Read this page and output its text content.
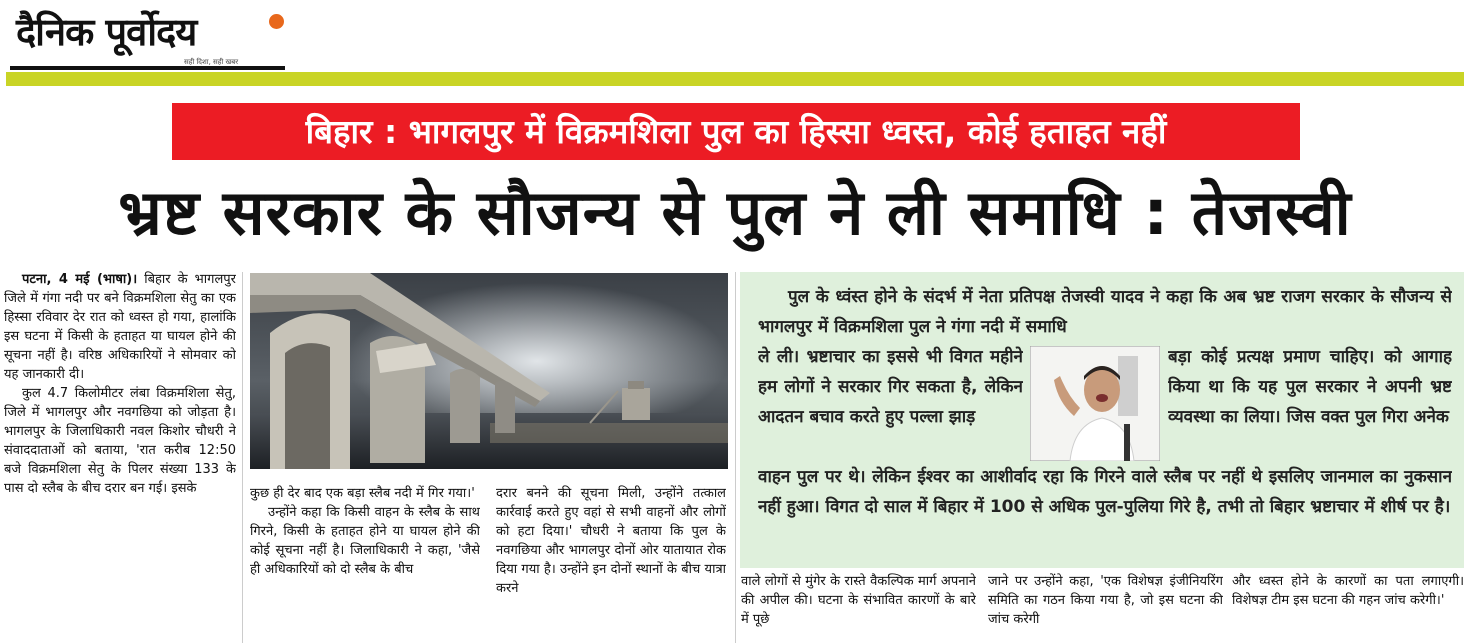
दैनिक पूर्वोदय
सही दिशा, सही खबर
बिहार : भागलपुर में विक्रमशिला पुल का हिस्सा ध्वस्त, कोई हताहत नहीं
भ्रष्ट सरकार के सौजन्य से पुल ने ली समाधि : तेजस्वी

पटना, 4 मई (भाषा)। बिहार के भागलपुर जिले में गंगा नदी पर बने विक्रमशिला सेतु का एक हिस्सा रविवार देर रात को ध्वस्त हो गया, हालांकि इस घटना में किसी के हताहत या घायल होने की सूचना नहीं है। वरिष्ठ अधिकारियों ने सोमवार को यह जानकारी दी।

कुल 4.7 किलोमीटर लंबा विक्रमशिला सेतु, जिले में भागलपुर और नवगछिया को जोड़ता है। भागलपुर के जिलाधिकारी नवल किशोर चौधरी ने संवाददाताओं को बताया, 'रात करीब 12:50 बजे विक्रमशिला सेतु के पिलर संख्या 133 के पास दो स्लैब के बीच दरार बन गई। इसके	कुछ ही देर बाद एक बड़ा स्लैब नदी में गिर गया।'

उन्होंने कहा कि किसी वाहन के स्लैब के साथ गिरने, किसी के हताहत होने या घायल होने की कोई सूचना नहीं है। जिलाधिकारी ने कहा, 'जैसे ही अधिकारियों को दो स्लैब के बीच

दरार बनने की सूचना मिली, उन्होंने तत्काल कार्रवाई करते हुए वहां से सभी वाहनों और लोगों को हटा दिया।' चौधरी ने बताया कि पुल के नवगछिया और भागलपुर दोनों ओर यातायात रोक दिया गया है। उन्होंने इन दोनों स्थानों के बीच यात्रा करने

पुल के ध्वंस्त होने के संदर्भ में नेता प्रतिपक्ष तेजस्वी यादव ने कहा कि अब भ्रष्ट राजग सरकार के सौजन्य से भागलपुर में विक्रमशिला पुल ने गंगा नदी में समाधि
ले ली। भ्रष्टाचार का इससे भी विगत महीने हम लोगों ने सरकार गिर सकता है, लेकिन आदतन बचाव करते हुए पल्ला झाड़
बड़ा कोई प्रत्यक्ष प्रमाण चाहिए। को आगाह किया था कि यह पुल सरकार ने अपनी भ्रष्ट व्यवस्था का लिया। जिस वक्त पुल गिरा अनेक
वाहन पुल पर थे। लेकिन ईश्वर का आशीर्वाद रहा कि गिरने वाले स्लैब पर नहीं थे इसलिए जानमाल का नुकसान नहीं हुआ। विगत दो साल में बिहार में 100 से अधिक पुल-पुलिया गिरे है, तभी तो बिहार भ्रष्टाचार में शीर्ष पर है।

वाले लोगों से मुंगेर के रास्ते वैकल्पिक मार्ग अपनाने की अपील की। घटना के संभावित कारणों के बारे में पूछे

जाने पर उन्होंने कहा, 'एक विशेषज्ञ इंजीनियरिंग समिति का गठन किया गया है, जो इस घटना की जांच करेगी

और ध्वस्त होने के कारणों का पता लगाएगी। विशेषज्ञ टीम इस घटना की गहन जांच करेगी।'
